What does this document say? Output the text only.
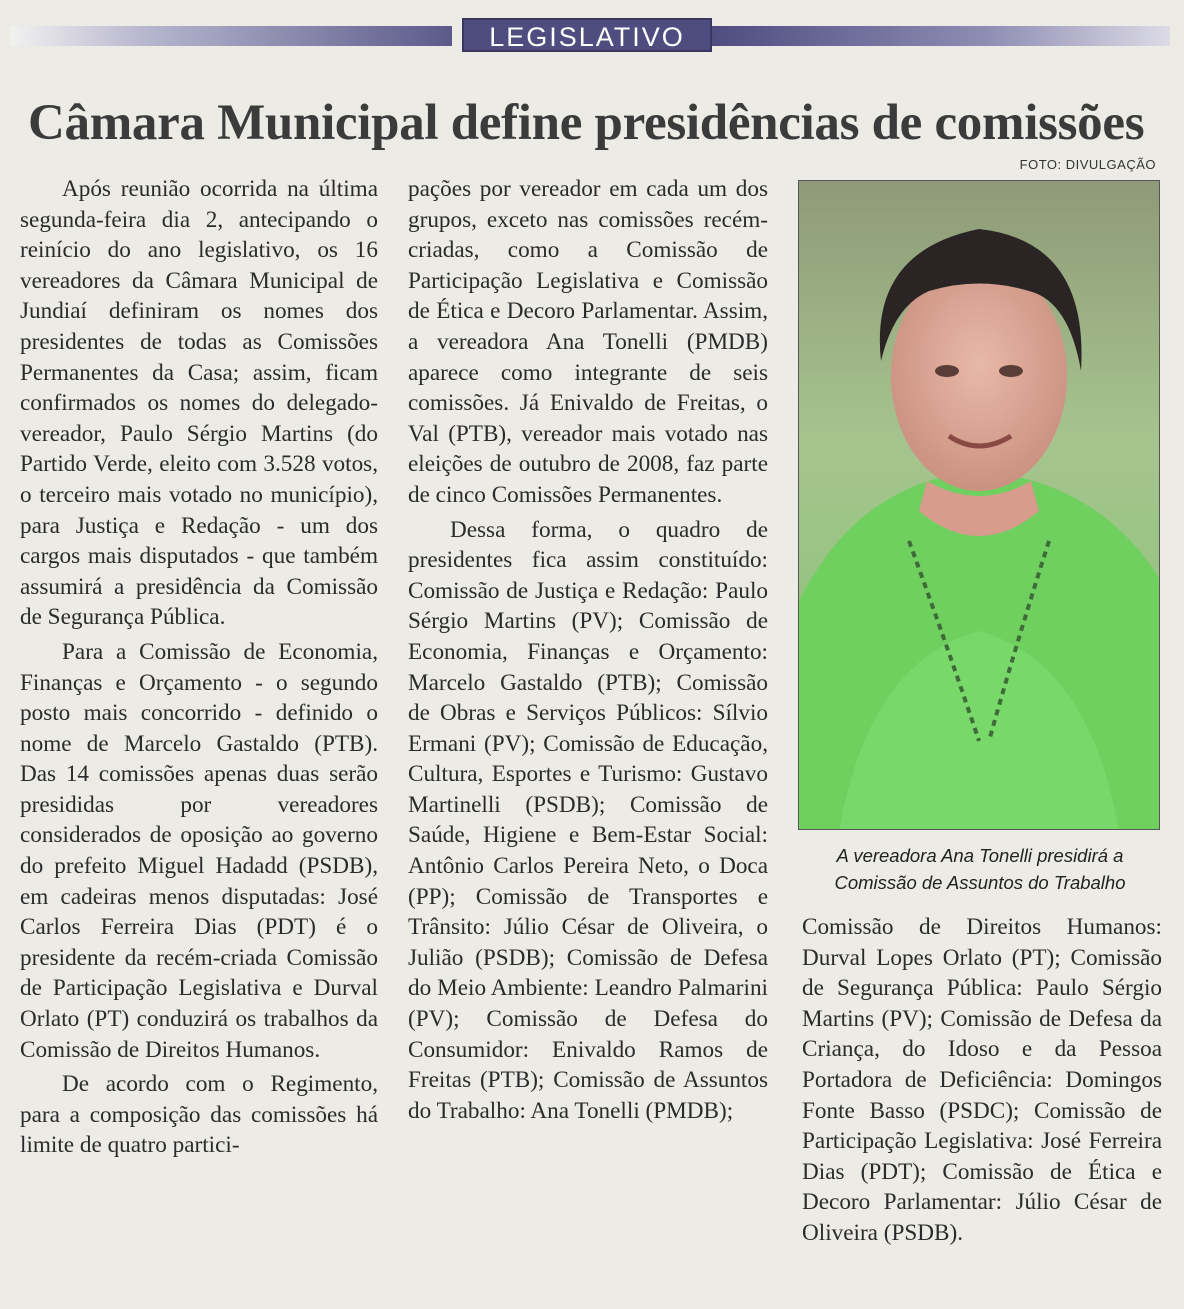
LEGISLATIVO
Câmara Municipal define presidências de comissões
FOTO: DIVULGAÇÃO

Após reunião ocorrida na última segunda-feira dia 2, antecipando o reinício do ano legislativo, os 16 vereadores da Câmara Municipal de Jundiaí definiram os nomes dos presidentes de todas as Comissões Permanentes da Casa; assim, ficam confirmados os nomes do delegado-vereador, Paulo Sérgio Martins (do Partido Verde, eleito com 3.528 votos, o terceiro mais votado no município), para Justiça e Redação - um dos cargos mais disputados - que também assumirá a presidência da Comissão de Segurança Pública.

Para a Comissão de Economia, Finanças e Orçamento - o segundo posto mais concorrido - definido o nome de Marcelo Gastaldo (PTB). Das 14 comissões apenas duas serão presididas por vereadores considerados de oposição ao governo do prefeito Miguel Hadadd (PSDB), em cadeiras menos disputadas: José Carlos Ferreira Dias (PDT) é o presidente da recém-criada Comissão de Participação Legislativa e Durval Orlato (PT) conduzirá os trabalhos da Comissão de Direitos Humanos.

De acordo com o Regimento, para a composição das comissões há limite de quatro partici-

pações por vereador em cada um dos grupos, exceto nas comissões recém-criadas, como a Comissão de Participação Legislativa e Comissão de Ética e Decoro Parlamentar. Assim, a vereadora Ana Tonelli (PMDB) aparece como integrante de seis comissões. Já Enivaldo de Freitas, o Val (PTB), vereador mais votado nas eleições de outubro de 2008, faz parte de cinco Comissões Permanentes.

Dessa forma, o quadro de presidentes fica assim constituído: Comissão de Justiça e Redação: Paulo Sérgio Martins (PV); Comissão de Economia, Finanças e Orçamento: Marcelo Gastaldo (PTB); Comissão de Obras e Serviços Públicos: Sílvio Ermani (PV); Comissão de Educação, Cultura, Esportes e Turismo: Gustavo Martinelli (PSDB); Comissão de Saúde, Higiene e Bem-Estar Social: Antônio Carlos Pereira Neto, o Doca (PP); Comissão de Transportes e Trânsito: Júlio César de Oliveira, o Julião (PSDB); Comissão de Defesa do Meio Ambiente: Leandro Palmarini (PV); Comissão de Defesa do Consumidor: Enivaldo Ramos de Freitas (PTB); Comissão de Assuntos do Trabalho: Ana Tonelli (PMDB);

A vereadora Ana Tonelli presidirá a Comissão de Assuntos do Trabalho

Comissão de Direitos Humanos: Durval Lopes Orlato (PT); Comissão de Segurança Pública: Paulo Sérgio Martins (PV); Comissão de Defesa da Criança, do Idoso e da Pessoa Portadora de Deficiência: Domingos Fonte Basso (PSDC); Comissão de Participação Legislativa: José Ferreira Dias (PDT); Comissão de Ética e Decoro Parlamentar: Júlio César de Oliveira (PSDB).
